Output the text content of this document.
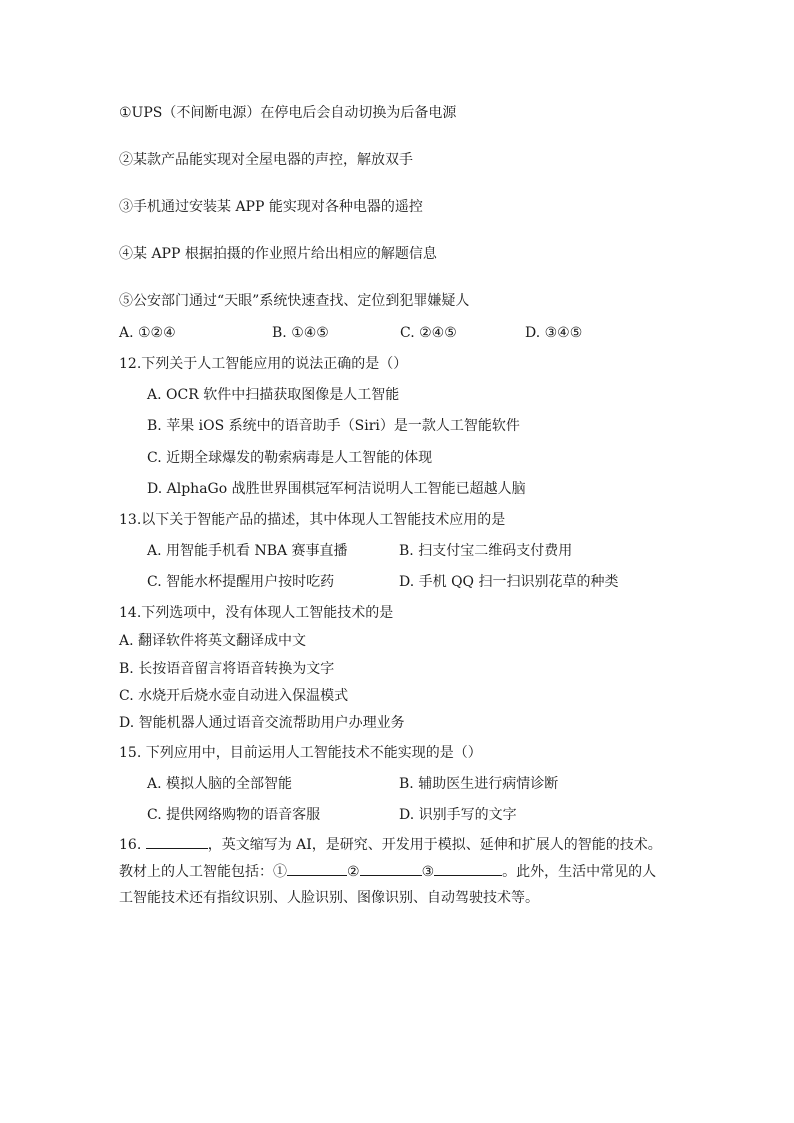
①UPS（不间断电源）在停电后会自动切换为后备电源
②某款产品能实现对全屋电器的声控，解放双手
③手机通过安装某 APP 能实现对各种电器的遥控
④某 APP 根据拍摄的作业照片给出相应的解题信息
⑤公安部门通过“天眼”系统快速查找、定位到犯罪嫌疑人
A. ①②④	B. ①④⑤	C. ②④⑤	D. ③④⑤
12.下列关于人工智能应用的说法正确的是（）
A. OCR 软件中扫描获取图像是人工智能
B. 苹果 iOS 系统中的语音助手（Siri）是一款人工智能软件
C. 近期全球爆发的勒索病毒是人工智能的体现
D. AlphaGo 战胜世界围棋冠军柯洁说明人工智能已超越人脑
13.以下关于智能产品的描述，其中体现人工智能技术应用的是
A. 用智能手机看 NBA 赛事直播	B. 扫支付宝二维码支付费用
C. 智能水杯提醒用户按时吃药	D. 手机 QQ 扫一扫识别花草的种类
14.下列选项中，没有体现人工智能技术的是
A. 翻译软件将英文翻译成中文
B. 长按语音留言将语音转换为文字
C. 水烧开后烧水壶自动进入保温模式
D. 智能机器人通过语音交流帮助用户办理业务
15. 下列应用中，目前运用人工智能技术不能实现的是（）
A. 模拟人脑的全部智能	B. 辅助医生进行病情诊断
C. 提供网络购物的语音客服	D. 识别手写的文字
16.	，英文缩写为 AI，是研究、开发用于模拟、延伸和扩展人的智能的技术。
教材上的人工智能包括：①	②	③	。此外，生活中常见的人
工智能技术还有指纹识别、人脸识别、图像识别、自动驾驶技术等。
